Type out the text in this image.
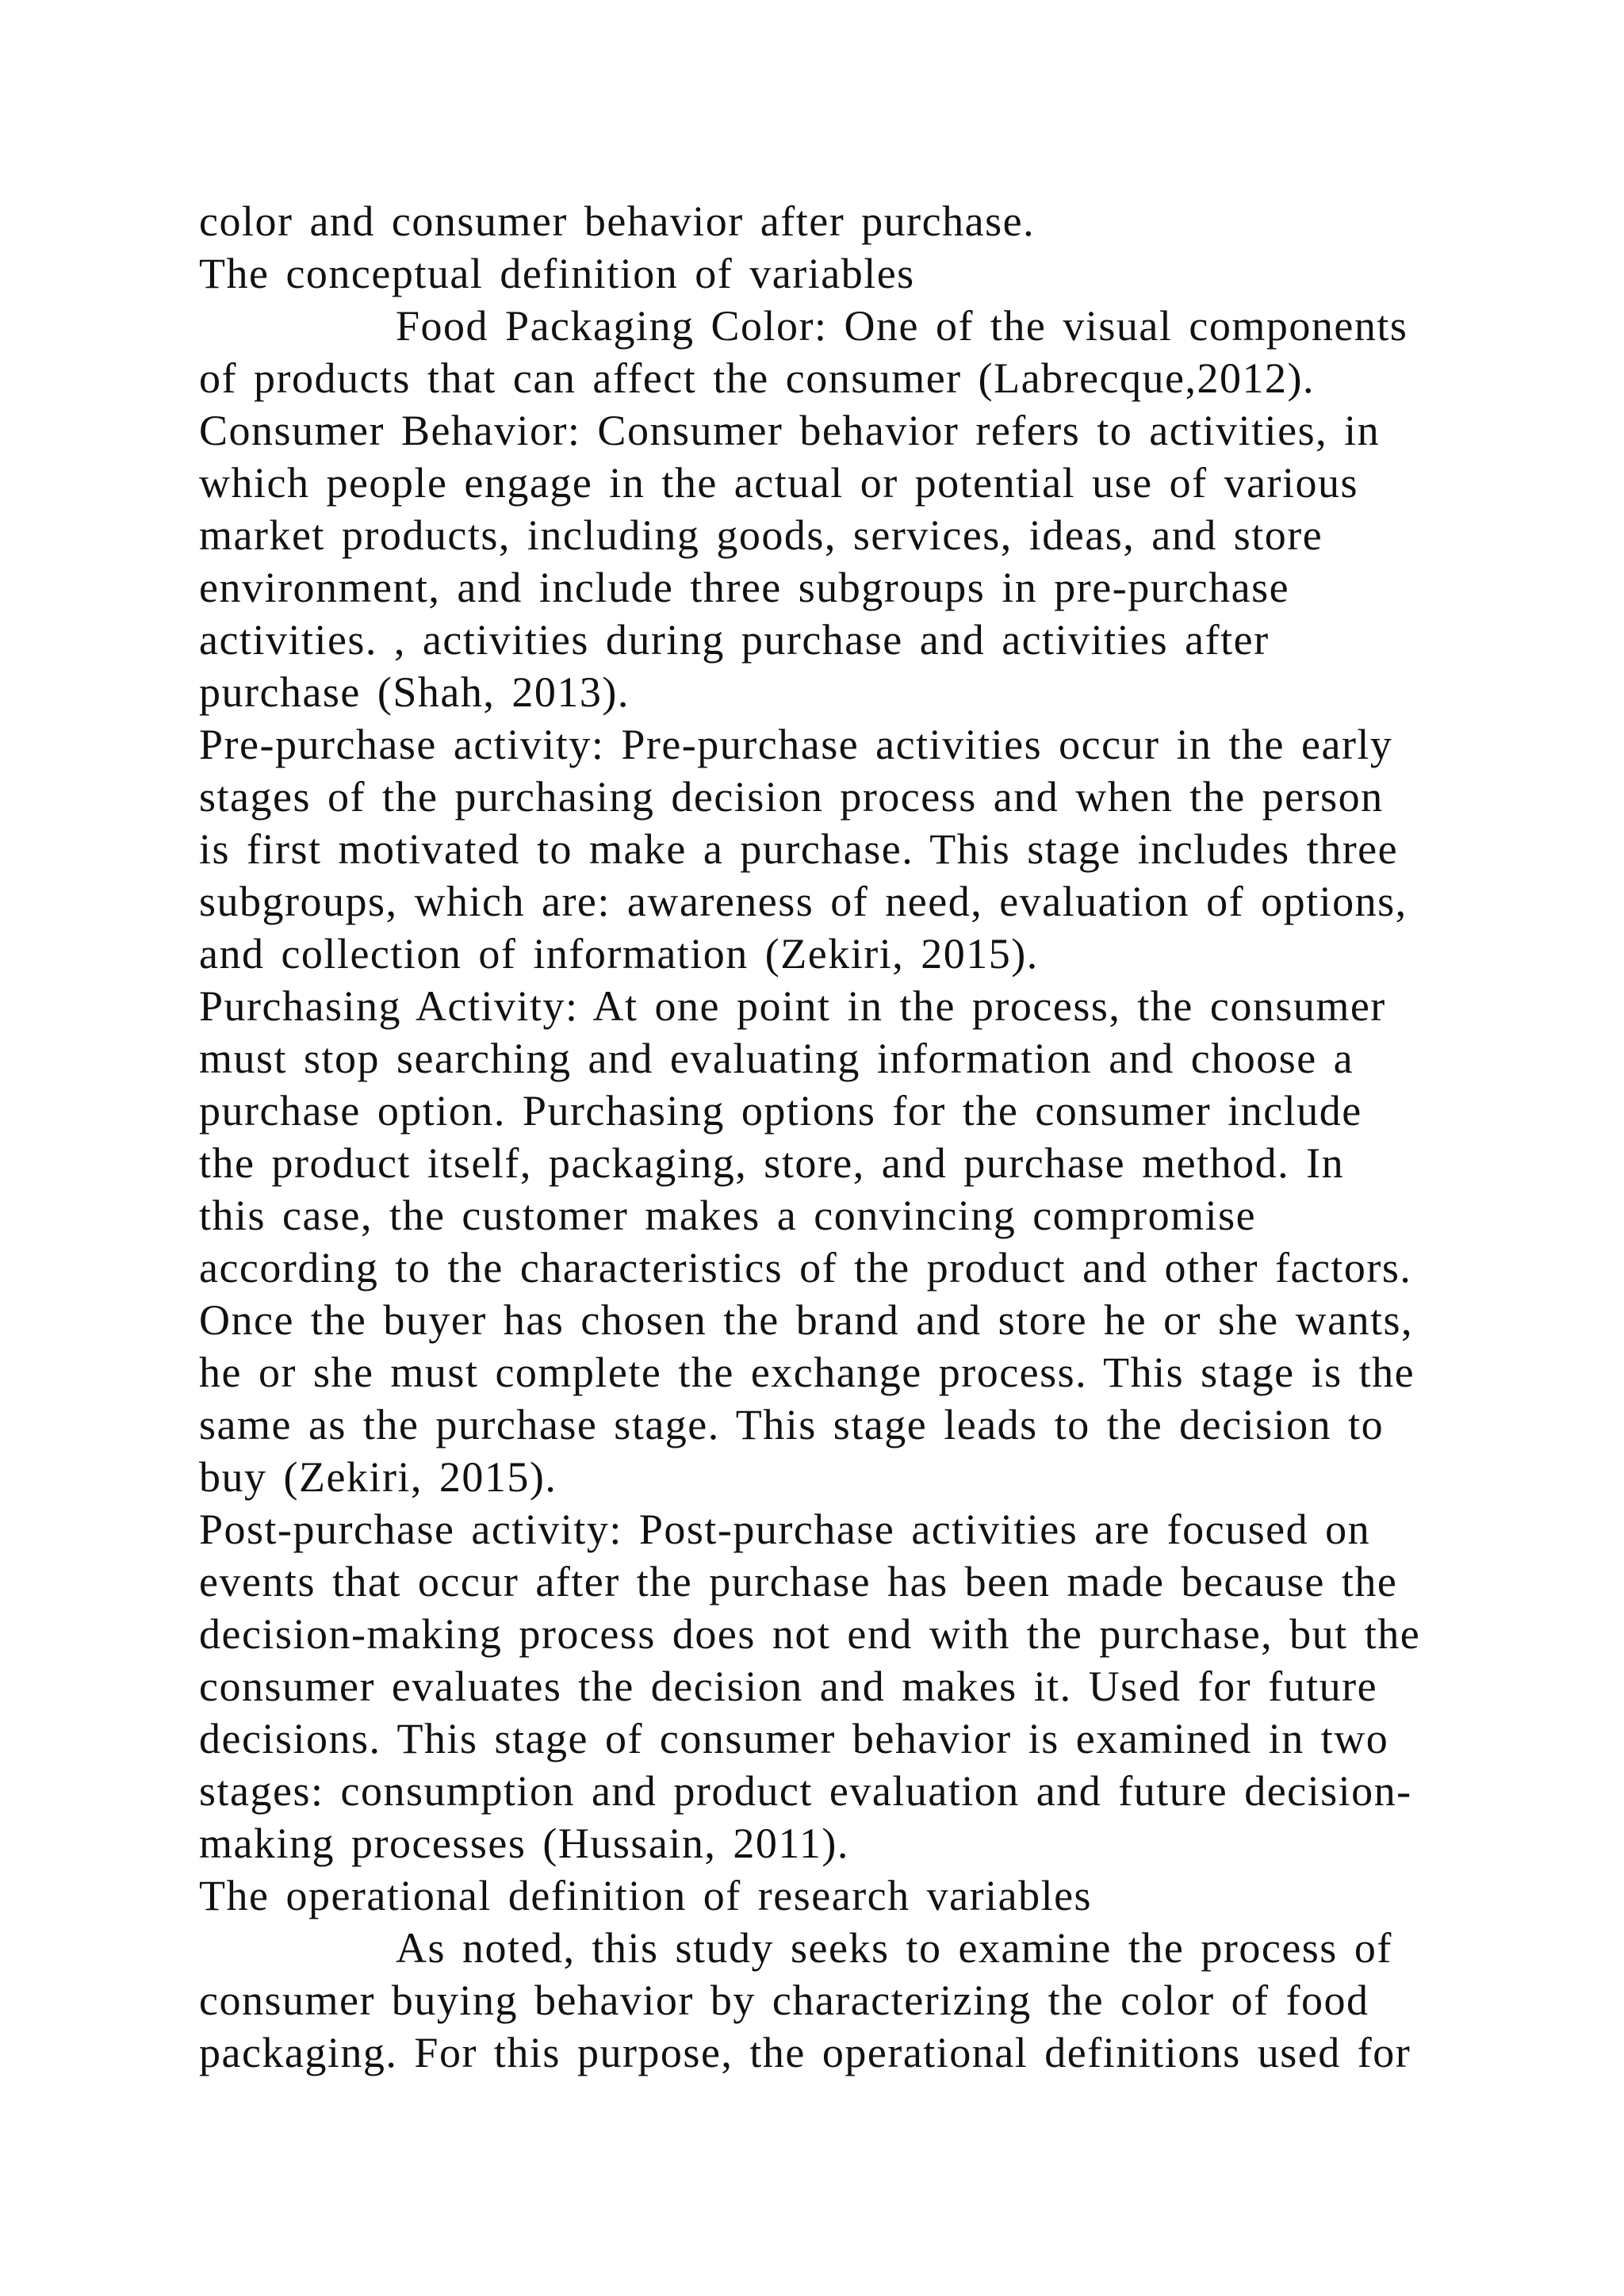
color and consumer behavior after purchase.
The conceptual definition of variables
Food Packaging Color: One of the visual components
of products that can affect the consumer (Labrecque,2012).
Consumer Behavior: Consumer behavior refers to activities, in
which people engage in the actual or potential use of various
market products, including goods, services, ideas, and store
environment, and include three subgroups in pre-purchase
activities. , activities during purchase and activities after
purchase (Shah, 2013).
Pre-purchase activity: Pre-purchase activities occur in the early
stages of the purchasing decision process and when the person
is first motivated to make a purchase. This stage includes three
subgroups, which are: awareness of need, evaluation of options,
and collection of information (Zekiri, 2015).
Purchasing Activity: At one point in the process, the consumer
must stop searching and evaluating information and choose a
purchase option. Purchasing options for the consumer include
the product itself, packaging, store, and purchase method. In
this case, the customer makes a convincing compromise
according to the characteristics of the product and other factors.
Once the buyer has chosen the brand and store he or she wants,
he or she must complete the exchange process. This stage is the
same as the purchase stage. This stage leads to the decision to
buy (Zekiri, 2015).
Post-purchase activity: Post-purchase activities are focused on
events that occur after the purchase has been made because the
decision-making process does not end with the purchase, but the
consumer evaluates the decision and makes it. Used for future
decisions. This stage of consumer behavior is examined in two
stages: consumption and product evaluation and future decision-
making processes (Hussain, 2011).
The operational definition of research variables
As noted, this study seeks to examine the process of
consumer buying behavior by characterizing the color of food
packaging. For this purpose, the operational definitions used for
